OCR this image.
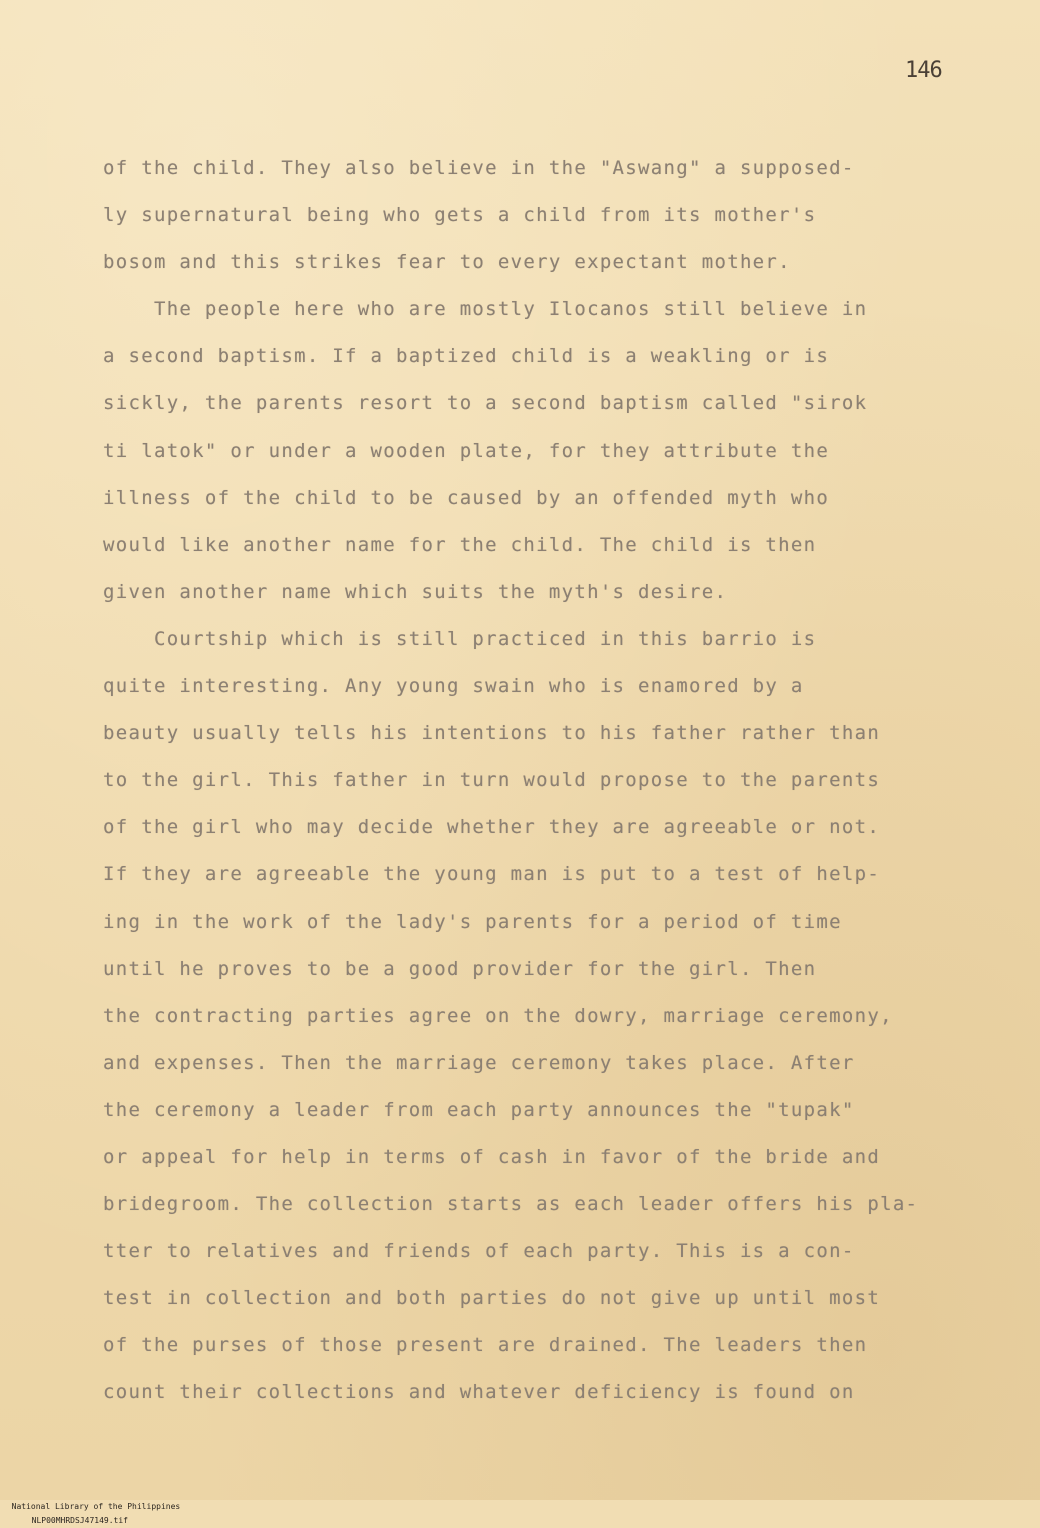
146
of the child. They also believe in the "Aswang" a supposed-
ly supernatural being who gets a child from its mother's
bosom and this strikes fear to every expectant mother.
The people here who are mostly Ilocanos still believe in
a second baptism. If a baptized child is a weakling or is
sickly, the parents resort to a second baptism called "sirok
ti latok" or under a wooden plate, for they attribute the
illness of the child to be caused by an offended myth who
would like another name for the child. The child is then
given another name which suits the myth's desire.
Courtship which is still practiced in this barrio is
quite interesting. Any young swain who is enamored by a
beauty usually tells his intentions to his father rather than
to the girl. This father in turn would propose to the parents
of the girl who may decide whether they are agreeable or not.
If they are agreeable the young man is put to a test of help-
ing in the work of the lady's parents for a period of time
until he proves to be a good provider for the girl. Then
the contracting parties agree on the dowry, marriage ceremony,
and expenses. Then the marriage ceremony takes place. After
the ceremony a leader from each party announces the "tupak"
or appeal for help in terms of cash in favor of the bride and
bridegroom. The collection starts as each leader offers his pla-
tter to relatives and friends of each party. This is a con-
test in collection and both parties do not give up until most
of the purses of those present are drained. The leaders then
count their collections and whatever deficiency is found on

National Library of the Philippines
NLP00MHRDSJ47149.tif
